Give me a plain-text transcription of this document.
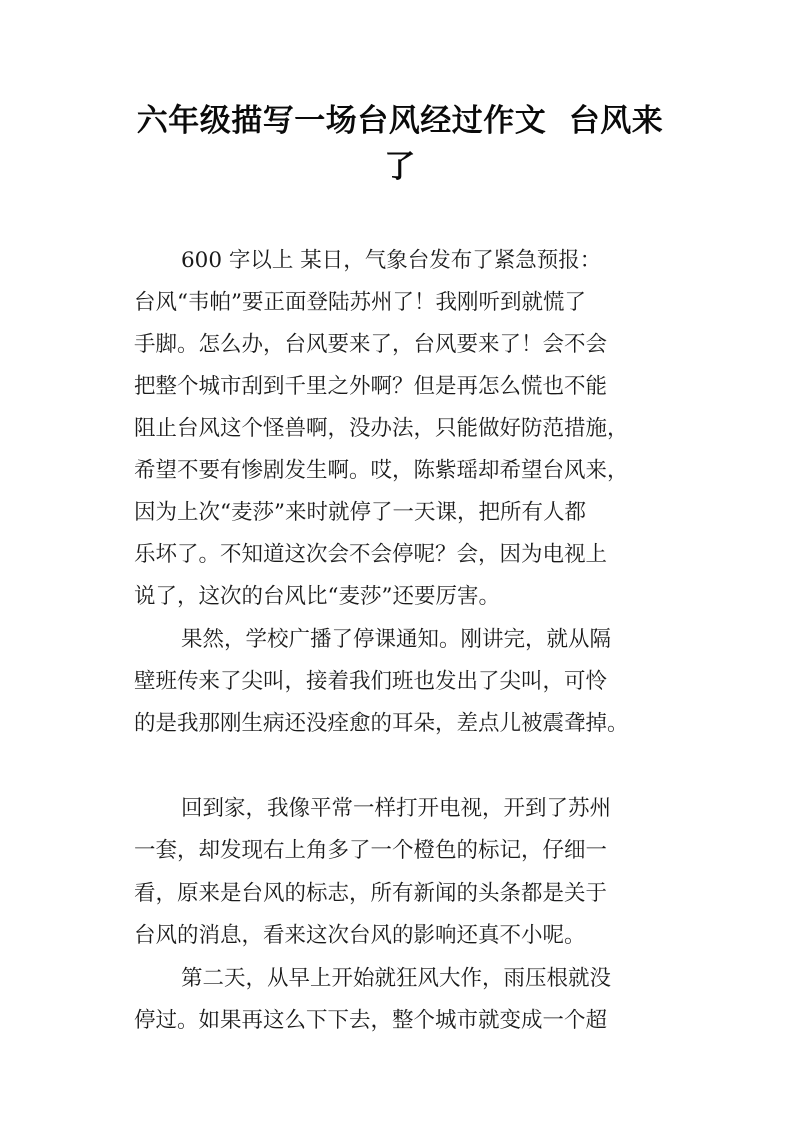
六年级描写一场台风经过作文  台风来
了
600 字以上 某日，气象台发布了紧急预报：
台风“韦帕”要正面登陆苏州了！我刚听到就慌了
手脚。怎么办，台风要来了，台风要来了！会不会
把整个城市刮到千里之外啊？但是再怎么慌也不能
阻止台风这个怪兽啊，没办法，只能做好防范措施，
希望不要有惨剧发生啊。哎，陈紫瑶却希望台风来，
因为上次“麦莎”来时就停了一天课，把所有人都
乐坏了。不知道这次会不会停呢？会，因为电视上
说了，这次的台风比“麦莎”还要厉害。
果然，学校广播了停课通知。刚讲完，就从隔
壁班传来了尖叫，接着我们班也发出了尖叫，可怜
的是我那刚生病还没痊愈的耳朵，差点儿被震聋掉。
回到家，我像平常一样打开电视，开到了苏州
一套，却发现右上角多了一个橙色的标记，仔细一
看，原来是台风的标志，所有新闻的头条都是关于
台风的消息，看来这次台风的影响还真不小呢。
第二天，从早上开始就狂风大作，雨压根就没
停过。如果再这么下下去，整个城市就变成一个超
